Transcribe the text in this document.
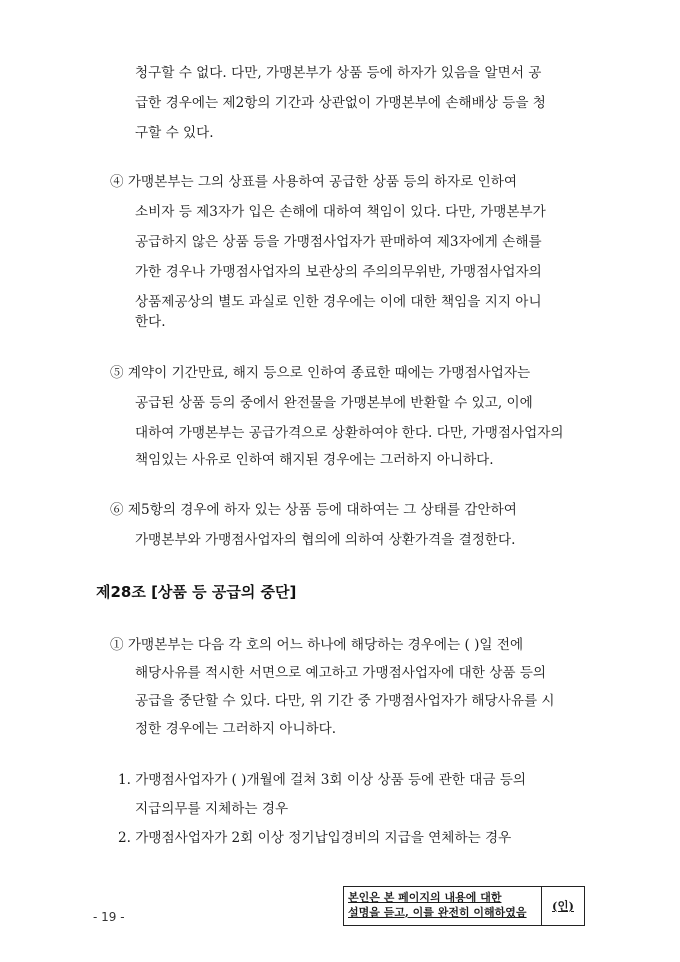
청구할 수 없다. 다만, 가맹본부가 상품 등에 하자가 있음을 알면서 공
급한 경우에는 제2항의 기간과 상관없이 가맹본부에 손해배상 등을 청
구할 수 있다.
④ 가맹본부는 그의 상표를 사용하여 공급한 상품 등의 하자로 인하여
소비자 등 제3자가 입은 손해에 대하여 책임이 있다. 다만, 가맹본부가
공급하지 않은 상품 등을 가맹점사업자가 판매하여 제3자에게 손해를
가한 경우나 가맹점사업자의 보관상의 주의의무위반, 가맹점사업자의
상품제공상의 별도 과실로 인한 경우에는 이에 대한 책임을 지지 아니
한다.
⑤ 계약이 기간만료, 해지 등으로 인하여 종료한 때에는 가맹점사업자는
공급된 상품 등의 중에서 완전물을 가맹본부에 반환할 수 있고, 이에
대하여 가맹본부는 공급가격으로 상환하여야 한다. 다만, 가맹점사업자의
책임있는 사유로 인하여 해지된 경우에는 그러하지 아니하다.
⑥ 제5항의 경우에 하자 있는 상품 등에 대하여는 그 상태를 감안하여
가맹본부와 가맹점사업자의 협의에 의하여 상환가격을 결정한다.
제28조 [상품 등 공급의 중단]
① 가맹본부는 다음 각 호의 어느 하나에 해당하는 경우에는 ( )일 전에
해당사유를 적시한 서면으로 예고하고 가맹점사업자에 대한 상품 등의
공급을 중단할 수 있다. 다만, 위 기간 중 가맹점사업자가 해당사유를 시
정한 경우에는 그러하지 아니하다.
1. 가맹점사업자가 ( )개월에 걸쳐 3회 이상 상품 등에 관한 대금 등의
지급의무를 지체하는 경우
2. 가맹점사업자가 2회 이상 정기납입경비의 지급을 연체하는 경우
본인은 본 페이지의 내용에 대한
설명을 듣고, 이를 완전히 이해하였음	(인)
- 19 -
